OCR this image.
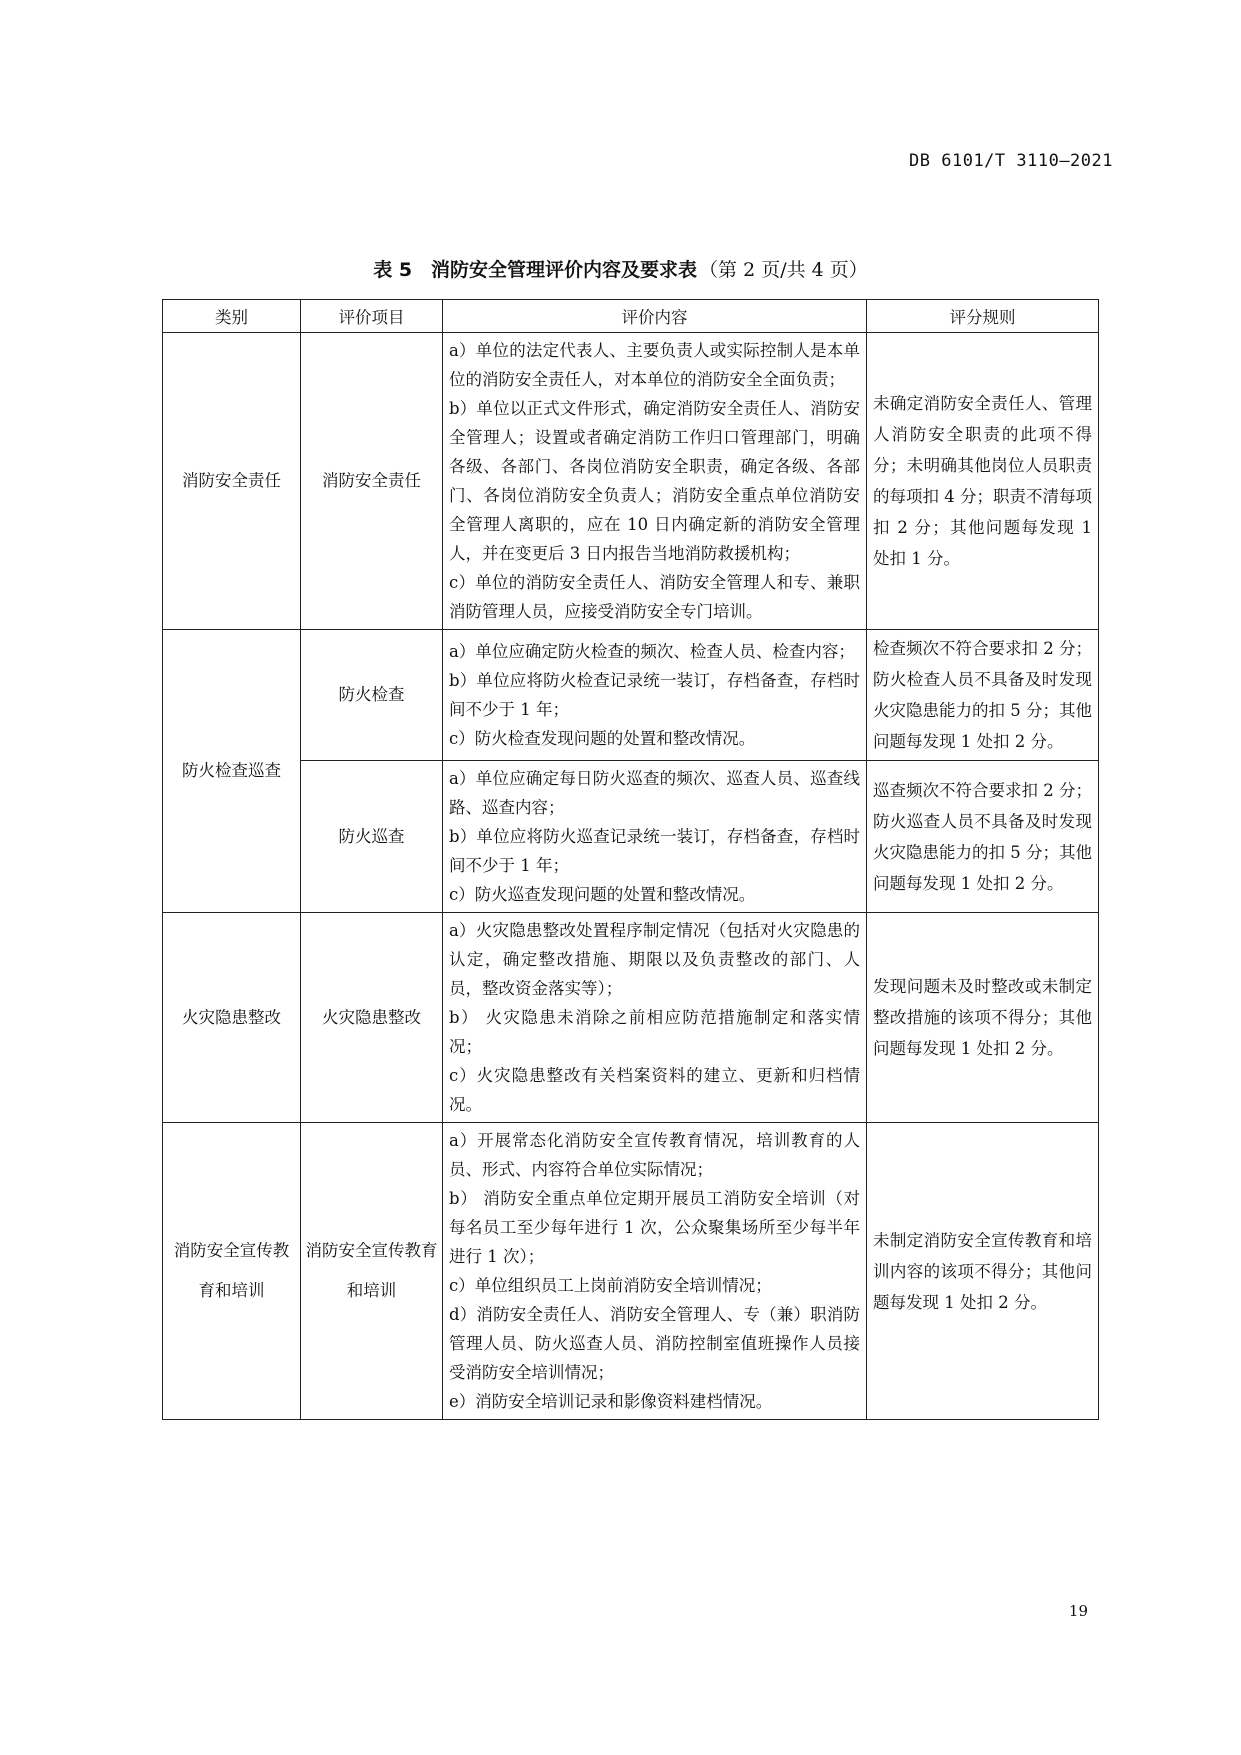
DB 6101/T 3110—2021
表 5　消防安全管理评价内容及要求表 （第 2 页/共 4 页）
类别	评价项目	评价内容	评分规则
消防安全责任	消防安全责任	a）单位的法定代表人、主要负责人或实际控制人是本单位的消防安全责任人，对本单位的消防安全全面负责；

b）单位以正式文件形式，确定消防安全责任人、消防安全管理人；设置或者确定消防工作归口管理部门，明确各级、各部门、各岗位消防安全职责，确定各级、各部门、各岗位消防安全负责人；消防安全重点单位消防安全管理人离职的，应在 10 日内确定新的消防安全管理人，并在变更后 3 日内报告当地消防救援机构；

c）单位的消防安全责任人、消防安全管理人和专、兼职消防管理人员，应接受消防安全专门培训。	未确定消防安全责任人、管理人消防安全职责的此项不得分；未明确其他岗位人员职责的每项扣 4 分；职责不清每项扣 2 分；其他问题每发现 1 处扣 1 分。

防火检查巡查	防火检查	a）单位应确定防火检查的频次、检查人员、检查内容；

b）单位应将防火检查记录统一装订，存档备查，存档时间不少于 1 年；

c）防火检查发现问题的处置和整改情况。	检查频次不符合要求扣 2 分；防火检查人员不具备及时发现火灾隐患能力的扣 5 分；其他问题每发现 1 处扣 2 分。

	防火巡查	a）单位应确定每日防火巡查的频次、巡查人员、巡查线路、巡查内容；

b）单位应将防火巡查记录统一装订，存档备查，存档时间不少于 1 年；

c）防火巡查发现问题的处置和整改情况。	巡查频次不符合要求扣 2 分；防火巡查人员不具备及时发现火灾隐患能力的扣 5 分；其他问题每发现 1 处扣 2 分。

火灾隐患整改	火灾隐患整改	a）火灾隐患整改处置程序制定情况（包括对火灾隐患的认定，确定整改措施、期限以及负责整改的部门、人员，整改资金落实等）；

b） 火灾隐患未消除之前相应防范措施制定和落实情况；

c）火灾隐患整改有关档案资料的建立、更新和归档情况。	发现问题未及时整改或未制定整改措施的该项不得分；其他问题每发现 1 处扣 2 分。

消防安全宣传教育和培训	消防安全宣传教育和培训	a）开展常态化消防安全宣传教育情况，培训教育的人员、形式、内容符合单位实际情况；

b） 消防安全重点单位定期开展员工消防安全培训（对每名员工至少每年进行 1 次，公众聚集场所至少每半年进行 1 次）；

c）单位组织员工上岗前消防安全培训情况；

d）消防安全责任人、消防安全管理人、专（兼）职消防管理人员、防火巡查人员、消防控制室值班操作人员接受消防安全培训情况；

e）消防安全培训记录和影像资料建档情况。	未制定消防安全宣传教育和培训内容的该项不得分；其他问题每发现 1 处扣 2 分。

19
